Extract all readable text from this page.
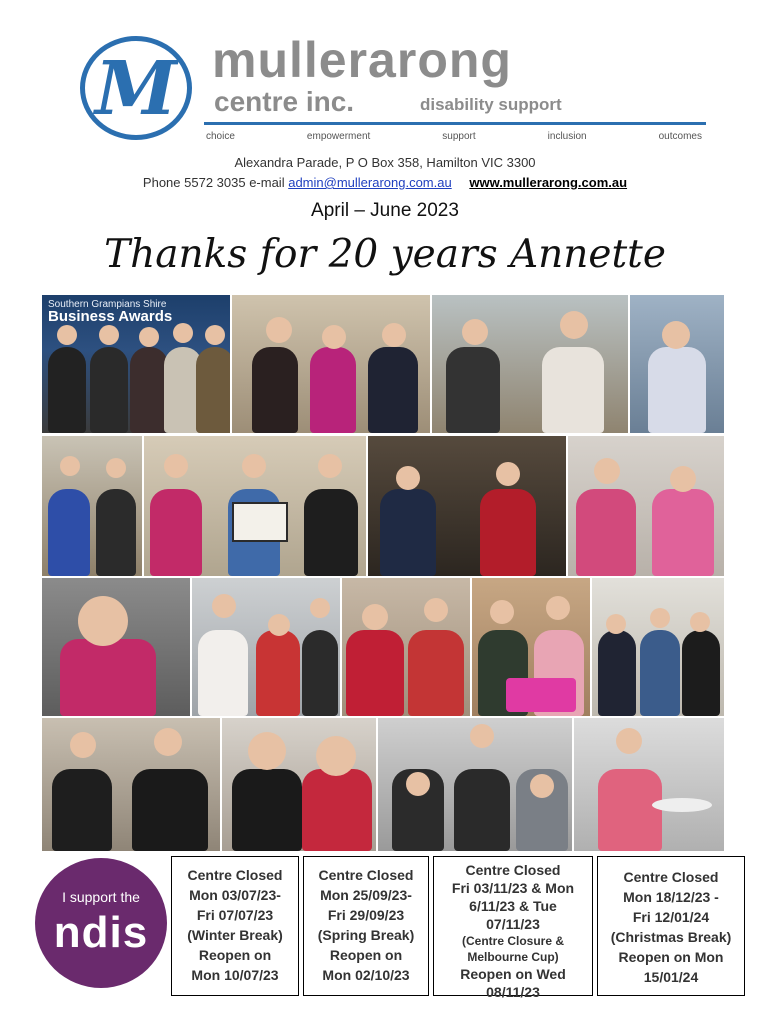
M mullerarong
centre inc.	disability support
choice	empowerment	support	inclusion	outcomes
Alexandra Parade, P O Box 358, Hamilton VIC 3300
Phone 5572 3035 e-mail admin@mullerarong.com.au www.mullerarong.com.au
April – June 2023
Thanks for 20 years Annette
Southern Grampians Shire
Business Awards
I support the
ndis
Centre Closed
Mon 03/07/23-
Fri 07/07/23
(Winter Break)
Reopen on
Mon 10/07/23
Centre Closed
Mon 25/09/23-
Fri 29/09/23
(Spring Break)
Reopen on
Mon 02/10/23
Centre Closed
Fri 03/11/23 & Mon
6/11/23 & Tue
07/11/23
(Centre Closure &
Melbourne Cup)
Reopen on Wed
08/11/23
Centre Closed
Mon 18/12/23 -
Fri 12/01/24
(Christmas Break)
Reopen on Mon
15/01/24
